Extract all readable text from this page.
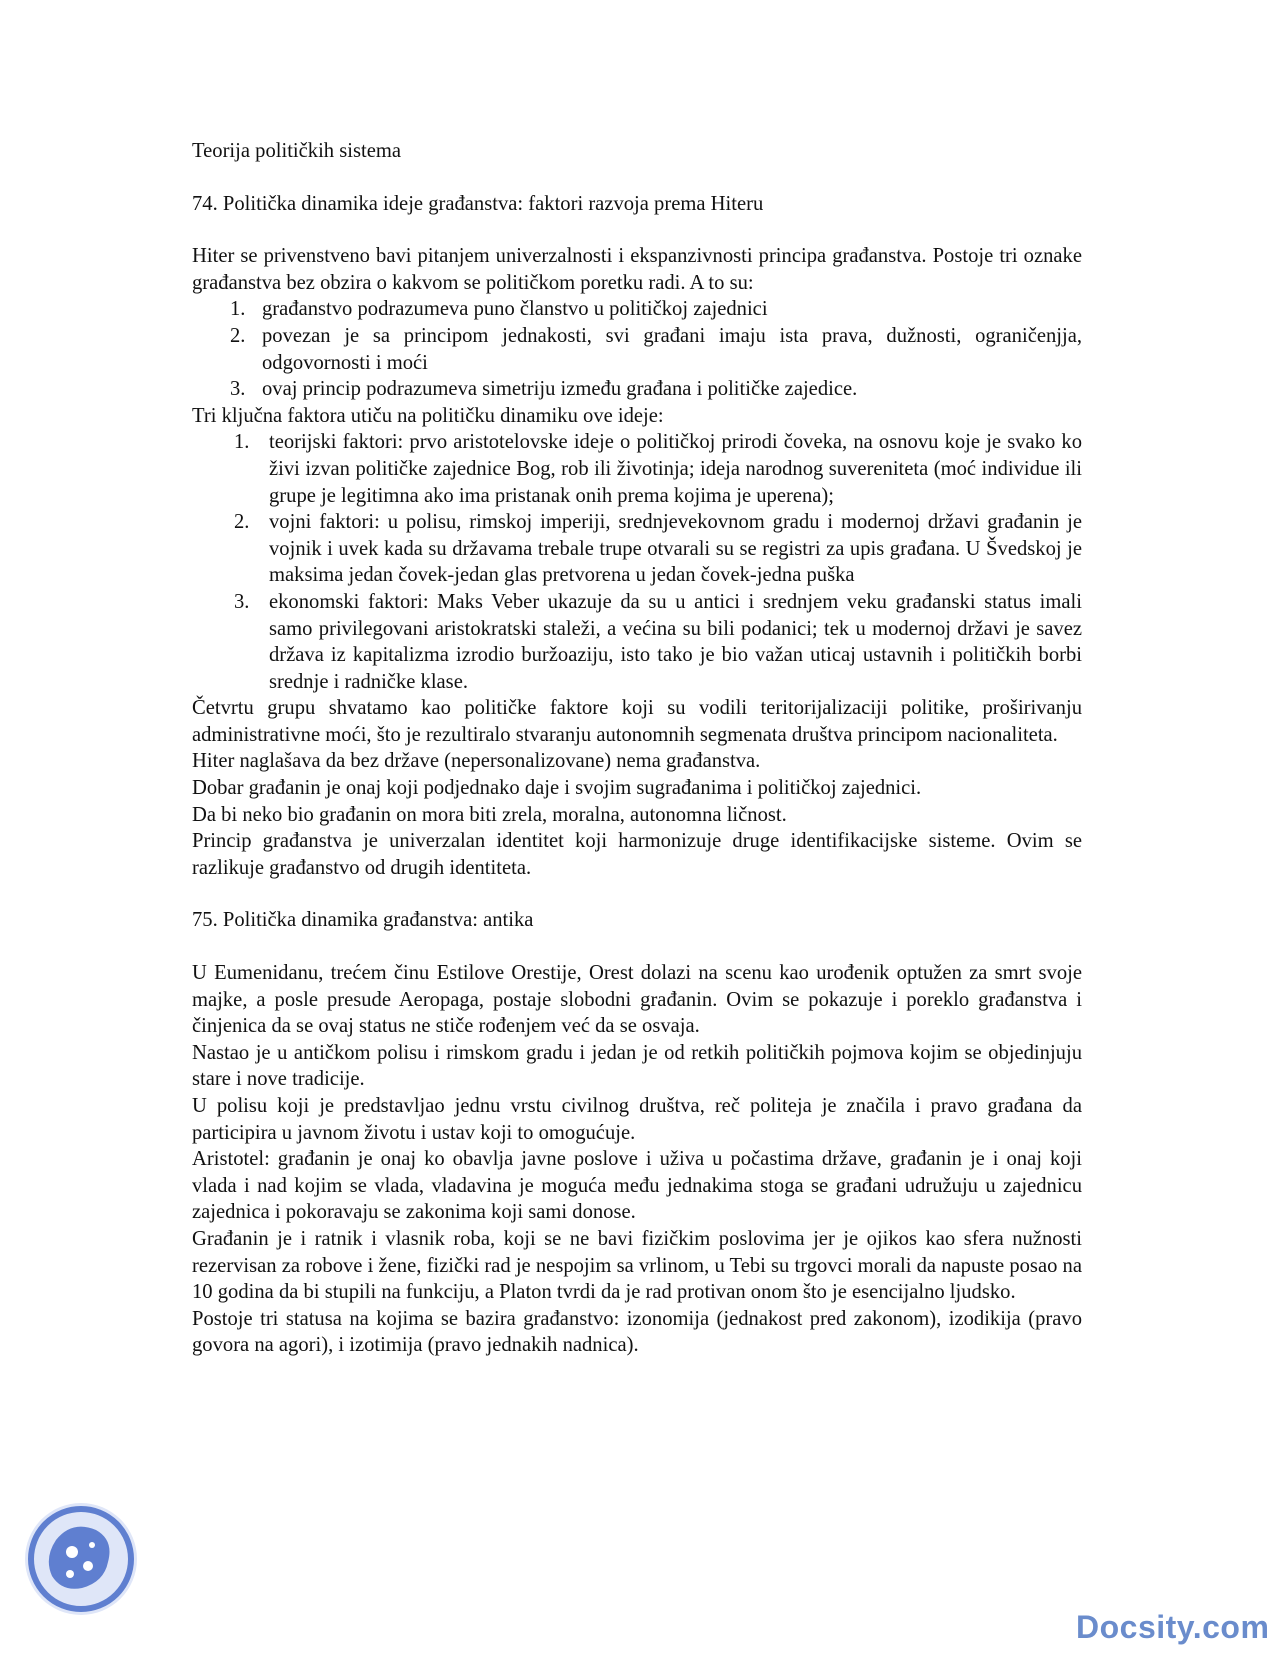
Teorija političkih sistema

74. Politička dinamika ideje građanstva: faktori razvoja prema Hiteru

Hiter se privenstveno bavi pitanjem univerzalnosti i ekspanzivnosti principa građanstva. Postoje tri oznake građanstva bez obzira o kakvom se političkom poretku radi. A to su:

1. građanstvo podrazumeva puno članstvo u političkoj zajednici
2. povezan je sa principom jednakosti, svi građani imaju ista prava, dužnosti, ograničenjja, odgovornosti i moći
3. ovaj princip podrazumeva simetriju između građana i političke zajedice.

Tri ključna faktora utiču na političku dinamiku ove ideje:

1. teorijski faktori: prvo aristotelovske ideje o političkoj prirodi čoveka, na osnovu koje je svako ko živi izvan političke zajednice Bog, rob ili životinja; ideja narodnog suvereniteta (moć individue ili grupe je legitimna ako ima pristanak onih prema kojima je uperena);
2. vojni faktori: u polisu, rimskoj imperiji, srednjevekovnom gradu i modernoj državi građanin je vojnik i uvek kada su državama trebale trupe otvarali su se registri za upis građana. U Švedskoj je maksima jedan čovek-jedan glas pretvorena u jedan čovek-jedna puška
3. ekonomski faktori: Maks Veber ukazuje da su u antici i srednjem veku građanski status imali samo privilegovani aristokratski staleži, a većina su bili podanici; tek u modernoj državi je savez država iz kapitalizma izrodio buržoaziju, isto tako je bio važan uticaj ustavnih i političkih borbi srednje i radničke klase.

Četvrtu grupu shvatamo kao političke faktore koji su vodili teritorijalizaciji politike, proširivanju administrativne moći, što je rezultiralo stvaranju autonomnih segmenata društva principom nacionaliteta.

Hiter naglašava da bez države (nepersonalizovane) nema građanstva.

Dobar građanin je onaj koji podjednako daje i svojim sugrađanima i političkoj zajednici.

Da bi neko bio građanin on mora biti zrela, moralna, autonomna ličnost.

Princip građanstva je univerzalan identitet koji harmonizuje druge identifikacijske sisteme. Ovim se razlikuje građanstvo od drugih identiteta.

75. Politička dinamika građanstva: antika

U Eumenidanu, trećem činu Estilove Orestije, Orest dolazi na scenu kao urođenik optužen za smrt svoje majke, a posle presude Aeropaga, postaje slobodni građanin. Ovim se pokazuje i poreklo građanstva i činjenica da se ovaj status ne stiče rođenjem već da se osvaja.

Nastao je u antičkom polisu i rimskom gradu i jedan je od retkih političkih pojmova kojim se objedinjuju stare i nove tradicije.

U polisu koji je predstavljao jednu vrstu civilnog društva, reč politeja je značila i pravo građana da participira u javnom životu i ustav koji to omogućuje.

Aristotel: građanin je onaj ko obavlja javne poslove i uživa u počastima države, građanin je i onaj koji vlada i nad kojim se vlada, vladavina je moguća među jednakima stoga se građani udružuju u zajednicu zajednica i pokoravaju se zakonima koji sami donose.

Građanin je i ratnik i vlasnik roba, koji se ne bavi fizičkim poslovima jer je ojikos kao sfera nužnosti rezervisan za robove i žene, fizički rad je nespojim sa vrlinom, u Tebi su trgovci morali da napuste posao na 10 godina da bi stupili na funkciju, a Platon tvrdi da je rad protivan onom što je esencijalno ljudsko.

Postoje tri statusa na kojima se bazira građanstvo: izonomija (jednakost pred zakonom), izodikija (pravo govora na agori), i izotimija (pravo jednakih nadnica).

Docsity.com
